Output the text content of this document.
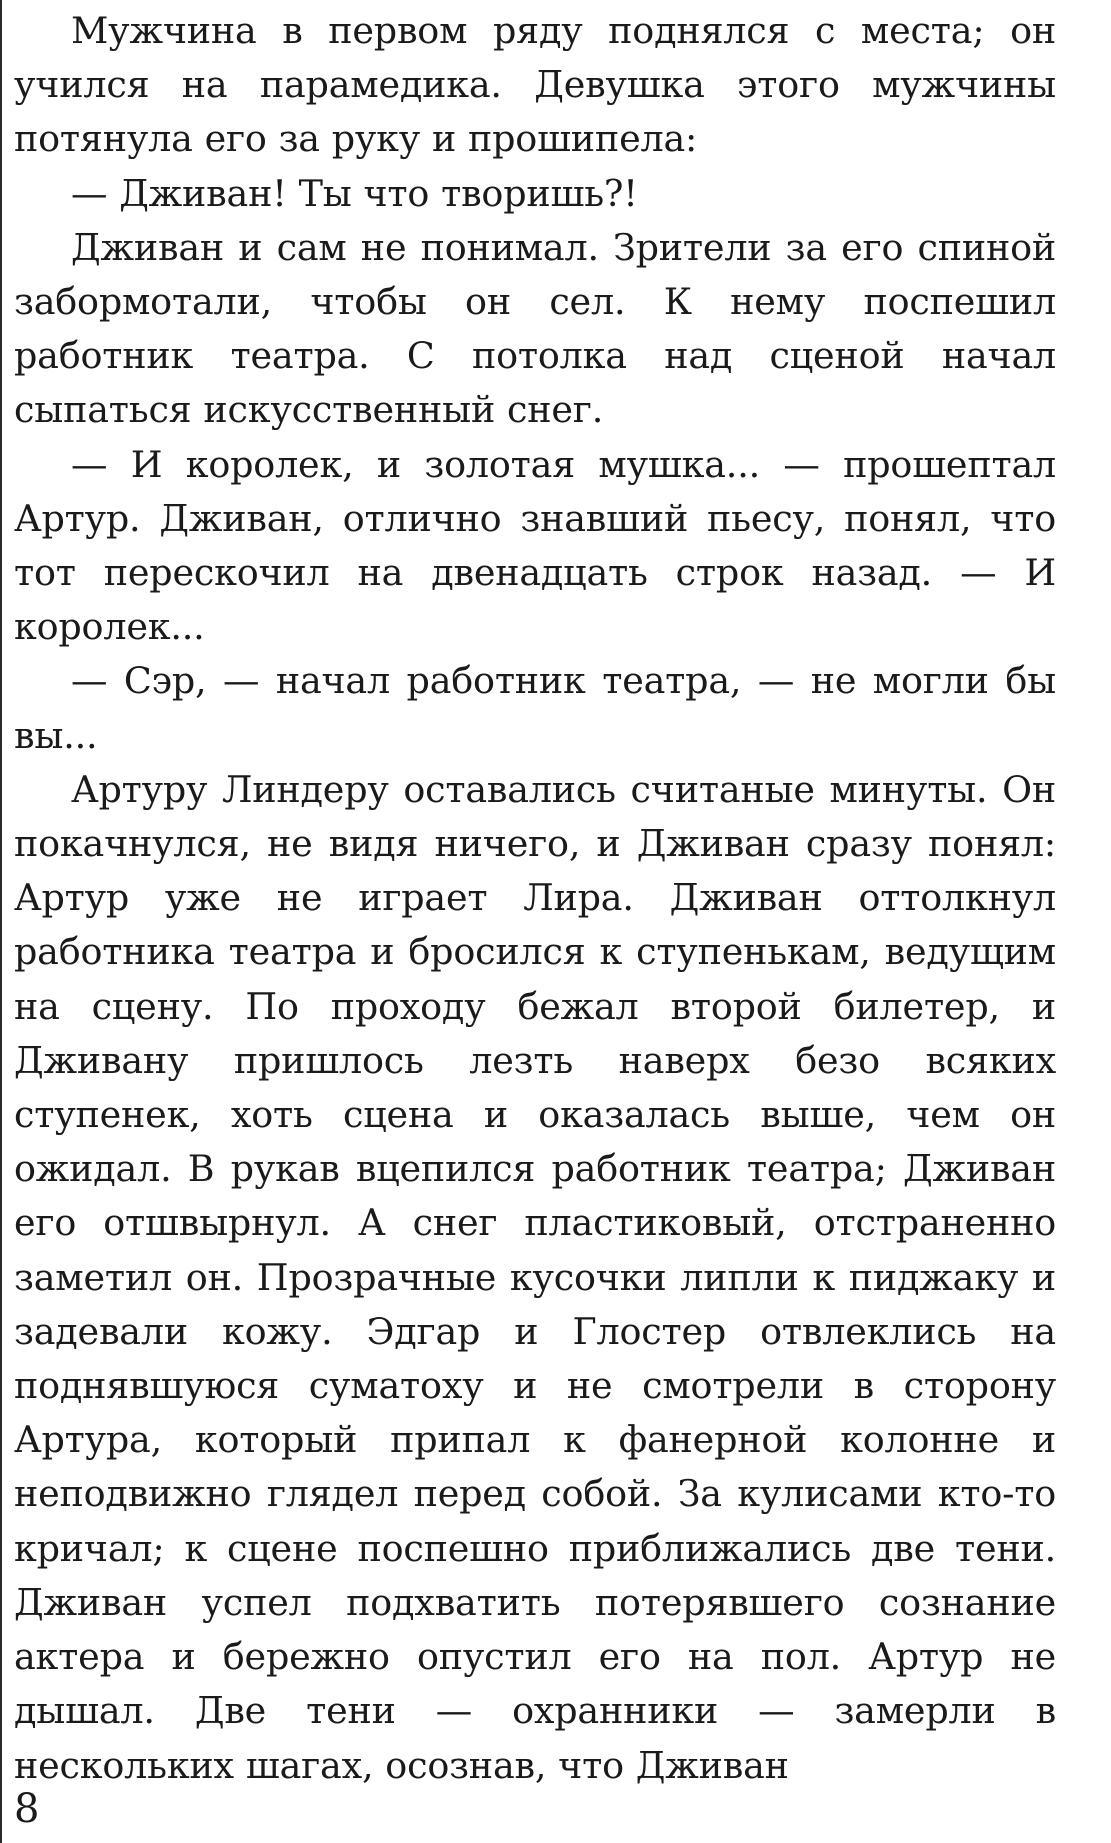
Мужчина в первом ряду поднялся с места; он учился на парамедика. Девушка этого мужчины потянула его за руку и прошипела:

— Дживан! Ты что творишь?!

Дживан и сам не понимал. Зрители за его спиной забормотали, чтобы он сел. К нему поспешил работник театра. С потолка над сценой начал сыпаться искусственный снег.

— И королек, и золотая мушка... — прошептал Артур. Дживан, отлично знавший пьесу, понял, что тот перескочил на двенадцать строк назад. — И королек...

— Сэр, — начал работник театра, — не могли бы вы...

Артуру Линдеру оставались считаные минуты. Он покачнулся, не видя ничего, и Дживан сразу понял: Артур уже не играет Лира. Дживан оттолкнул работника театра и бросился к ступенькам, ведущим на сцену. По проходу бежал второй билетер, и Дживану пришлось лезть наверх безо всяких ступенек, хоть сцена и оказалась выше, чем он ожидал. В рукав вцепился работник театра; Дживан его отшвырнул. А снег пластиковый, отстраненно заметил он. Прозрачные кусочки липли к пиджаку и задевали кожу. Эдгар и Глостер отвлеклись на поднявшуюся суматоху и не смотрели в сторону Артура, который припал к фанерной колонне и неподвижно глядел перед собой. За кулисами кто-то кричал; к сцене поспешно приближались две тени. Дживан успел подхватить потерявшего сознание актера и бережно опустил его на пол. Артур не дышал. Две тени — охранники — замерли в нескольких шагах, осознав, что Дживан

8
